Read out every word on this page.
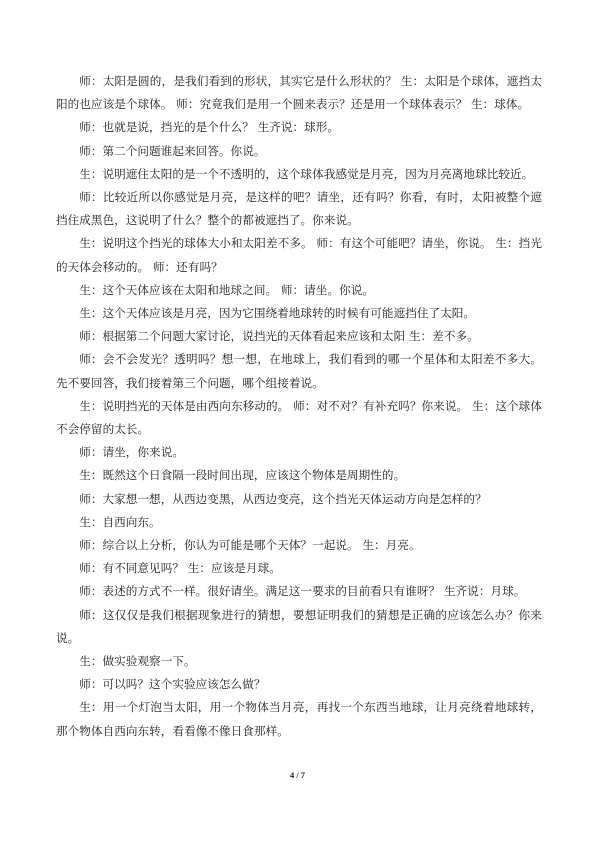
师：太阳是圆的，是我们看到的形状，其实它是什么形状的？ 生：太阳是个球体，遮挡太阳的也应该是个球体。 师：究竟我们是用一个圆来表示？还是用一个球体表示？ 生：球体。

师：也就是说，挡光的是个什么？ 生齐说：球形。

师：第二个问题谁起来回答。你说。

生：说明遮住太阳的是一个不透明的，这个球体我感觉是月亮，因为月亮离地球比较近。

师：比较近所以你感觉是月亮，是这样的吧？请坐，还有吗？你看，有时，太阳被整个遮挡住成黑色，这说明了什么？整个的都被遮挡了。你来说。

生：说明这个挡光的球体大小和太阳差不多。 师：有这个可能吧？请坐，你说。 生：挡光的天体会移动的。 师：还有吗？

生：这个天体应该在太阳和地球之间。 师：请坐。你说。

生：这个天体应该是月亮，因为它围绕着地球转的时候有可能遮挡住了太阳。

师：根据第二个问题大家讨论，说挡光的天体看起来应该和太阳 生：差不多。

师：会不会发光？透明吗？想一想，在地球上，我们看到的哪一个星体和太阳差不多大。先不要回答，我们接着第三个问题，哪个组接着说。

生：说明挡光的天体是由西向东移动的。 师：对不对？有补充吗？你来说。 生：这个球体不会停留的太长。

师：请坐，你来说。

生：既然这个日食隔一段时间出现，应该这个物体是周期性的。

师：大家想一想，从西边变黑，从西边变亮，这个挡光天体运动方向是怎样的？

生：自西向东。

师：综合以上分析，你认为可能是哪个天体？一起说。 生：月亮。

师：有不同意见吗？ 生：应该是月球。

师：表述的方式不一样。很好请坐。满足这一要求的目前看只有谁呀？ 生齐说：月球。

师：这仅仅是我们根据现象进行的猜想，要想证明我们的猜想是正确的应该怎么办？你来说。

生：做实验观察一下。

师：可以吗？这个实验应该怎么做？

生：用一个灯泡当太阳，用一个物体当月亮，再找一个东西当地球，让月亮绕着地球转，那个物体自西向东转，看看像不像日食那样。

4 / 7
